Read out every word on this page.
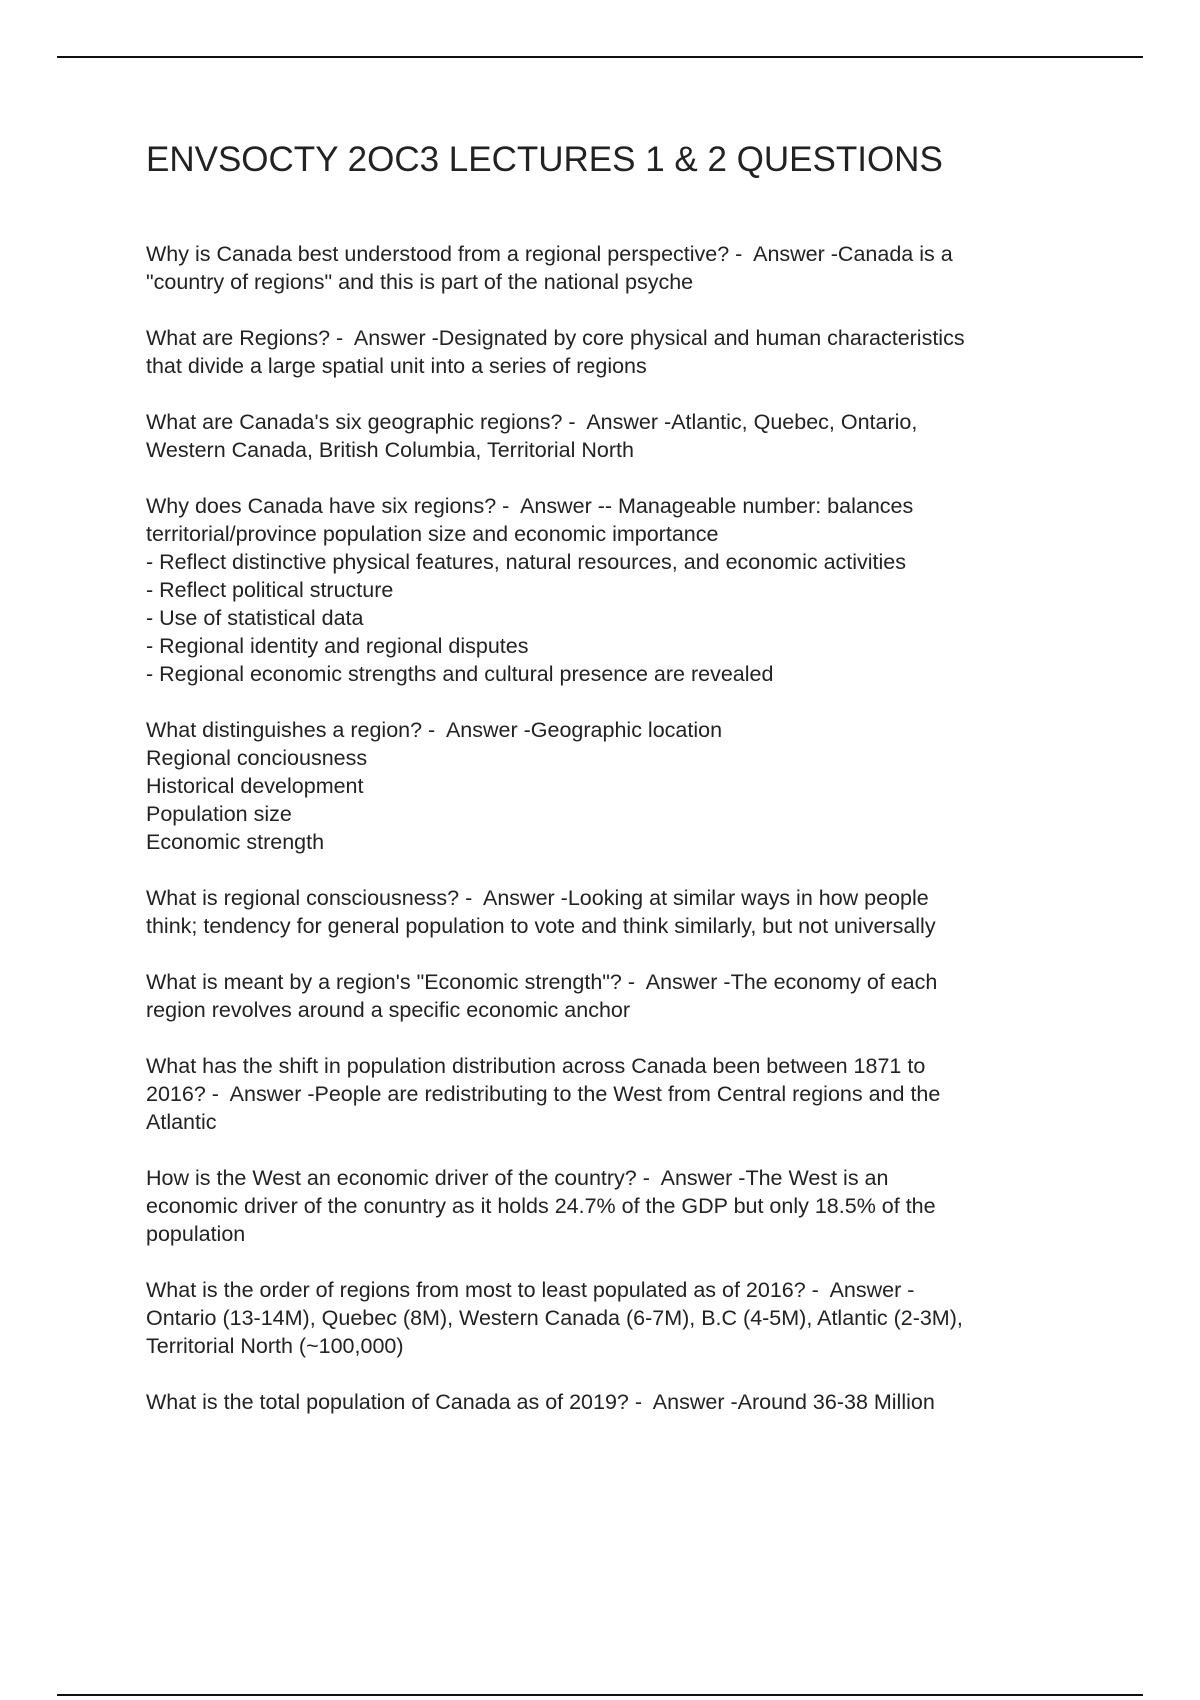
ENVSOCTY 2OC3 LECTURES 1 & 2 QUESTIONS
Why is Canada best understood from a regional perspective? -  Answer -Canada is a
"country of regions" and this is part of the national psyche
What are Regions? -  Answer -Designated by core physical and human characteristics
that divide a large spatial unit into a series of regions
What are Canada's six geographic regions? -  Answer -Atlantic, Quebec, Ontario,
Western Canada, British Columbia, Territorial North
Why does Canada have six regions? -  Answer -- Manageable number: balances
territorial/province population size and economic importance
- Reflect distinctive physical features, natural resources, and economic activities
- Reflect political structure
- Use of statistical data
- Regional identity and regional disputes
- Regional economic strengths and cultural presence are revealed
What distinguishes a region? -  Answer -Geographic location
Regional conciousness
Historical development
Population size
Economic strength
What is regional consciousness? -  Answer -Looking at similar ways in how people
think; tendency for general population to vote and think similarly, but not universally
What is meant by a region's "Economic strength"? -  Answer -The economy of each
region revolves around a specific economic anchor
What has the shift in population distribution across Canada been between 1871 to
2016? -  Answer -People are redistributing to the West from Central regions and the
Atlantic
How is the West an economic driver of the country? -  Answer -The West is an
economic driver of the conuntry as it holds 24.7% of the GDP but only 18.5% of the
population
What is the order of regions from most to least populated as of 2016? -  Answer -
Ontario (13-14M), Quebec (8M), Western Canada (6-7M), B.C (4-5M), Atlantic (2-3M),
Territorial North (~100,000)
What is the total population of Canada as of 2019? -  Answer -Around 36-38 Million
